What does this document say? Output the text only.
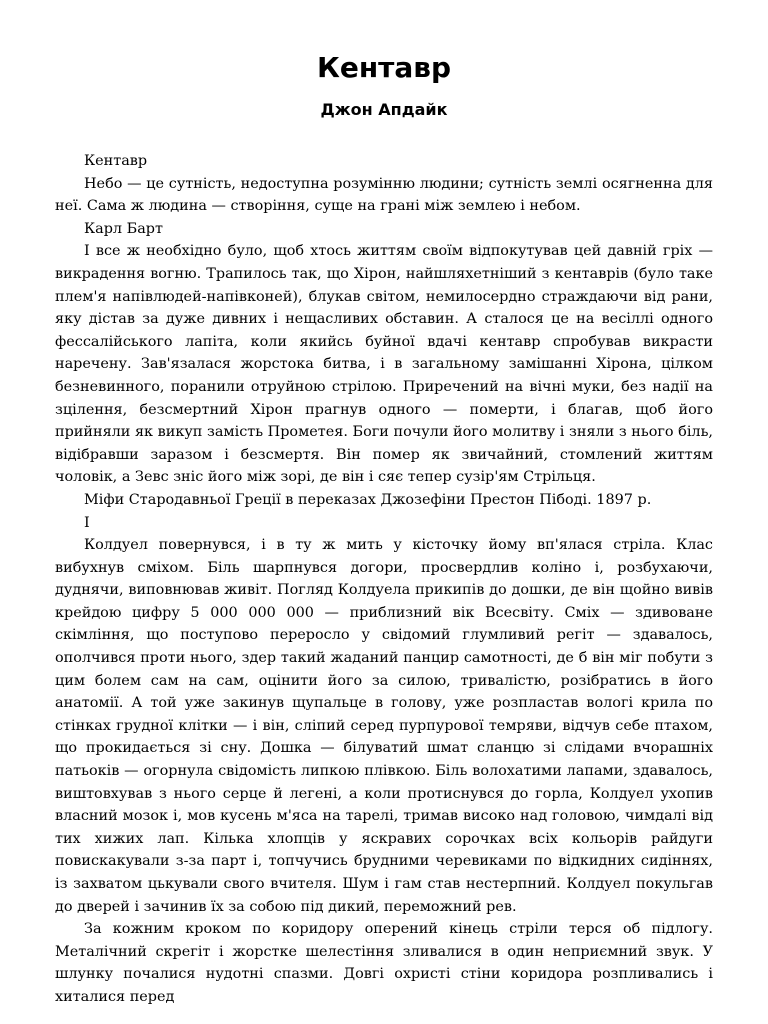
Кентавр
Джон Апдайк

Кентавр

Небо — це сутність, недоступна розумінню людини; сутність землі осягненна для неї. Сама ж людина — створіння, суще на грані між землею і небом.

Карл Барт

І все ж необхідно було, щоб хтось життям своїм відпокутував цей давній гріх — викрадення вогню. Трапилось так, що Хірон, найшляхетніший з кентаврів (було таке плем'я напівлюдей-напівконей), блукав світом, немилосердно страждаючи від рани, яку дістав за дуже дивних і нещасливих обставин. А сталося це на весіллі одного фессалійського лапіта, коли якийсь буйної вдачі кентавр спробував викрасти наречену. Зав'язалася жорстока битва, і в загальному замішанні Хірона, цілком безневинного, поранили отруйною стрілою. Приречений на вічні муки, без надії на зцілення, безсмертний Хірон прагнув одного — померти, і благав, щоб його прийняли як викуп замість Прометея. Боги почули його молитву і зняли з нього біль, відібравши заразом і безсмертя. Він помер як звичайний, стомлений життям чоловік, а Зевс зніс його між зорі, де він і сяє тепер сузір'ям Стрільця.

Міфи Стародавньої Греції в переказах Джозефіни Престон Пібоді. 1897 р.

I

Колдуел повернувся, і в ту ж мить у кісточку йому вп'ялася стріла. Клас вибухнув сміхом. Біль шарпнувся догори, просвердлив коліно і, розбухаючи, дуднячи, виповнював живіт. Погляд Колдуела прикипів до дошки, де він щойно вивів крейдою цифру 5 000 000 000 — приблизний вік Всесвіту. Сміх — здивоване скімління, що поступово переросло у свідомий глумливий регіт — здавалось, ополчився проти нього, здер такий жаданий панцир самотності, де б він міг побути з цим болем сам на сам, оцінити його за силою, тривалістю, розібратись в його анатомії. А той уже закинув щупальце в голову, уже розпластав вологі крила по стінках грудної клітки — і він, сліпий серед пурпурової темряви, відчув себе птахом, що прокидається зі сну. Дошка — білуватий шмат сланцю зі слідами вчорашніх патьоків — огорнула свідомість липкою плівкою. Біль волохатими лапами, здавалось, виштовхував з нього серце й легені, а коли протиснувся до горла, Колдуел ухопив власний мозок і, мов кусень м'яса на тарелі, тримав високо над головою, чимдалі від тих хижих лап. Кілька хлопців у яскравих сорочках всіх кольорів райдуги повискакували з-за парт і, топчучись брудними черевиками по відкидних сидіннях, із захватом цькували свого вчителя. Шум і гам став нестерпний. Колдуел покульгав до дверей і зачинив їх за собою під дикий, переможний рев.

За кожним кроком по коридору оперений кінець стріли терся об підлогу. Металічний скрегіт і жорстке шелестіння зливалися в один неприємний звук. У шлунку почалися нудотні спазми. Довгі охристі стіни коридора розпливались і хиталися перед
